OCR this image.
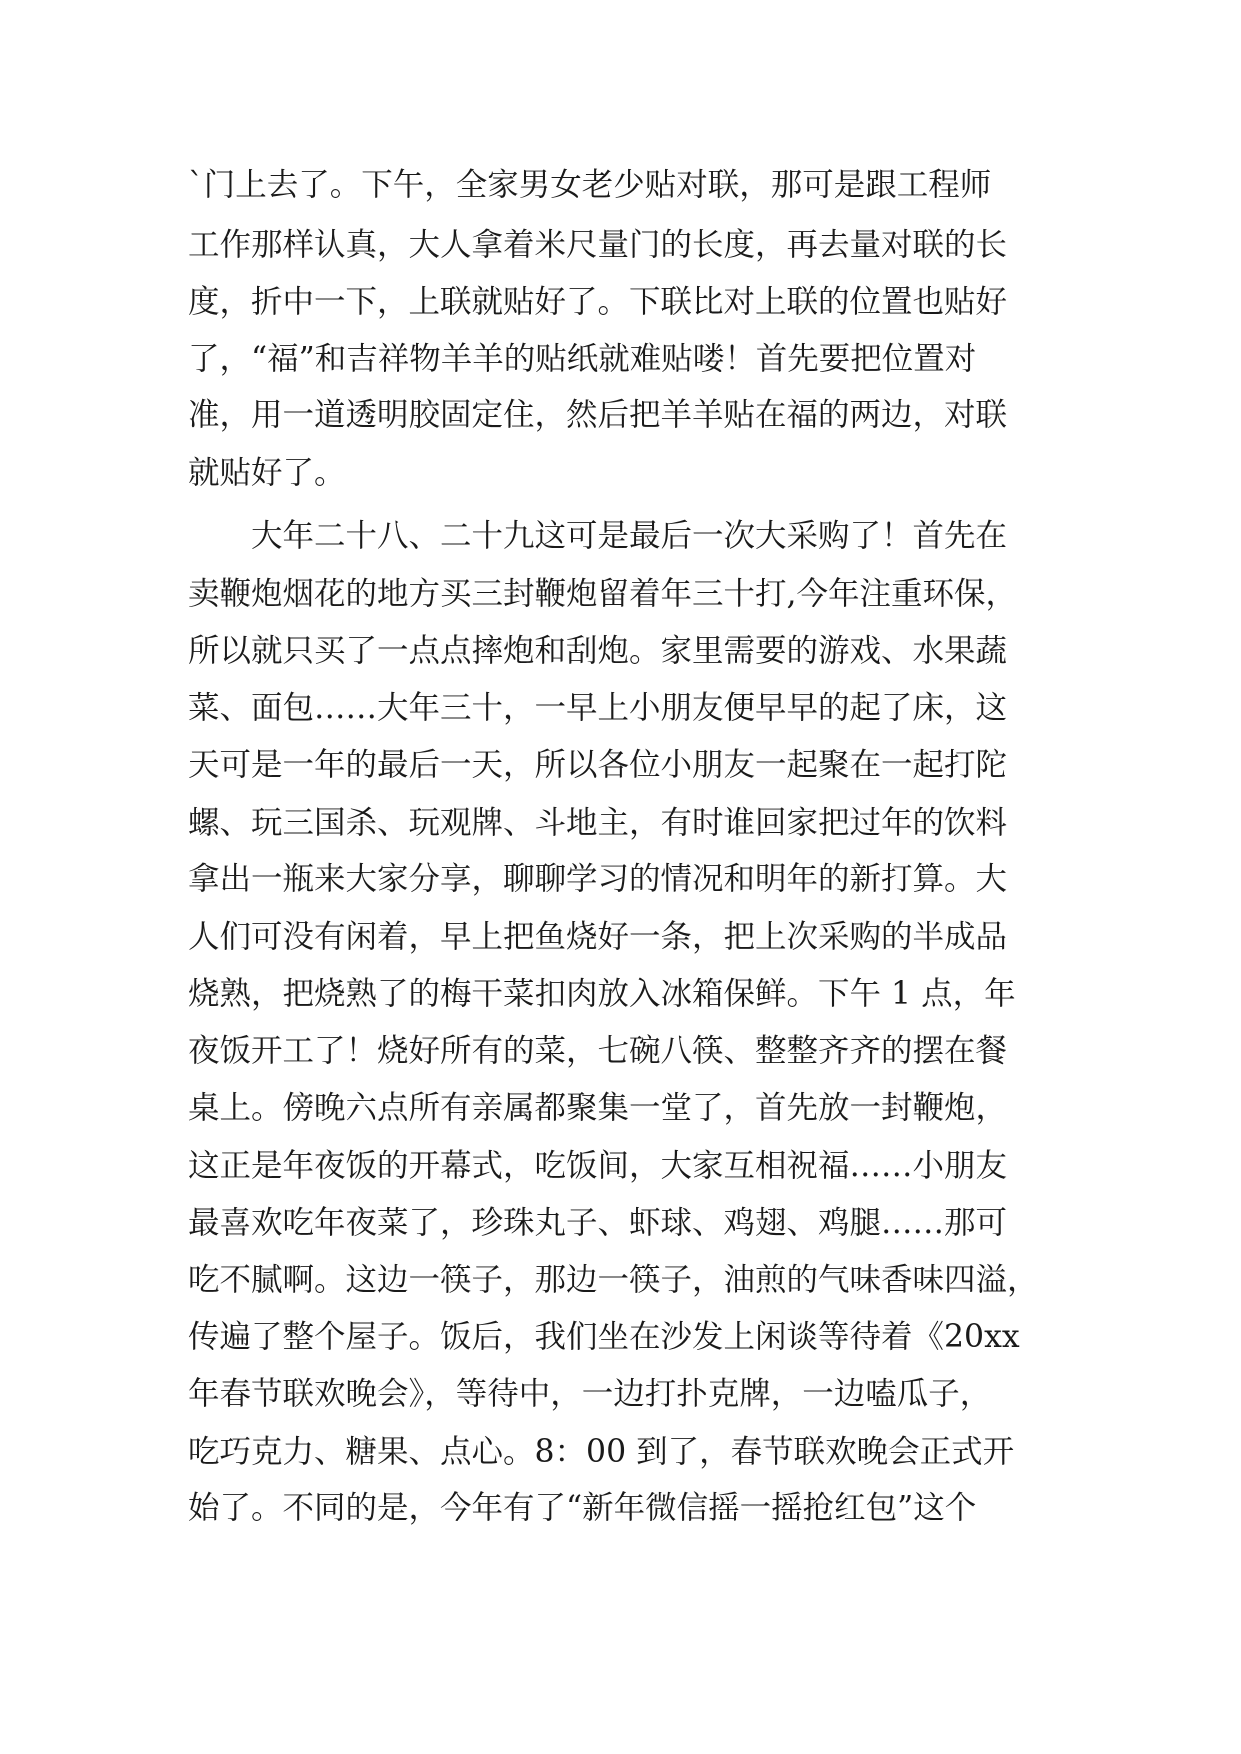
`门上去了。下午，全家男女老少贴对联，那可是跟工程师

工作那样认真，大人拿着米尺量门的长度，再去量对联的长

度，折中一下，上联就贴好了。下联比对上联的位置也贴好

了，“福”和吉祥物羊羊的贴纸就难贴喽！首先要把位置对

准，用一道透明胶固定住，然后把羊羊贴在福的两边，对联

就贴好了。

大年二十八、二十九这可是最后一次大采购了！首先在

卖鞭炮烟花的地方买三封鞭炮留着年三十打,今年注重环保，

所以就只买了一点点摔炮和刮炮。家里需要的游戏、水果蔬

菜、面包……大年三十，一早上小朋友便早早的起了床，这

天可是一年的最后一天，所以各位小朋友一起聚在一起打陀

螺、玩三国杀、玩观牌、斗地主，有时谁回家把过年的饮料

拿出一瓶来大家分享，聊聊学习的情况和明年的新打算。大

人们可没有闲着，早上把鱼烧好一条，把上次采购的半成品

烧熟，把烧熟了的梅干菜扣肉放入冰箱保鲜。下午 1 点，年

夜饭开工了！烧好所有的菜，七碗八筷、整整齐齐的摆在餐

桌上。傍晚六点所有亲属都聚集一堂了，首先放一封鞭炮，

这正是年夜饭的开幕式，吃饭间，大家互相祝福……小朋友

最喜欢吃年夜菜了，珍珠丸子、虾球、鸡翅、鸡腿……那可

吃不腻啊。这边一筷子，那边一筷子，油煎的气味香味四溢，

传遍了整个屋子。饭后，我们坐在沙发上闲谈等待着《20xx

年春节联欢晚会》，等待中，一边打扑克牌，一边嗑瓜子，

吃巧克力、糖果、点心。8：00 到了，春节联欢晚会正式开

始了。不同的是，今年有了“新年微信摇一摇抢红包”这个
